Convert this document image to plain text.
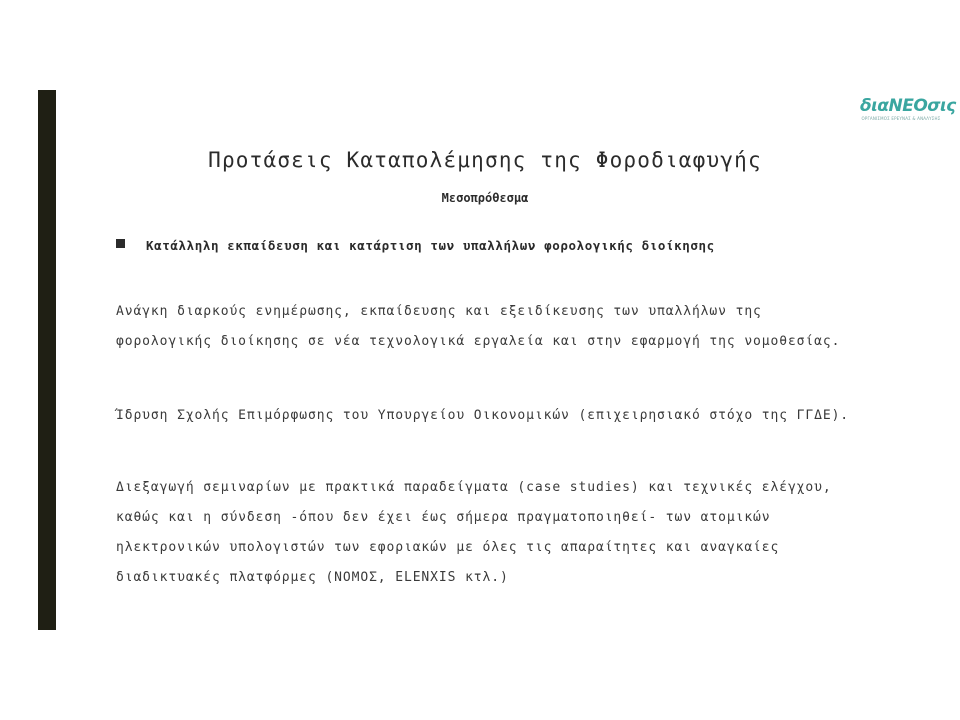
διαΝΕΟσις
ΟΡΓΑΝΙΣΜΟΣ ΕΡΕΥΝΑΣ & ΑΝΑΛΥΣΗΣ
Προτάσεις Καταπολέμησης της Φοροδιαφυγής
Μεσοπρόθεσμα
Κατάλληλη εκπαίδευση και κατάρτιση των υπαλλήλων φορολογικής διοίκησης
Ανάγκη διαρκούς ενημέρωσης, εκπαίδευσης και εξειδίκευσης των υπαλλήλων της φορολογικής διοίκησης σε νέα τεχνολογικά εργαλεία και στην εφαρμογή της νομοθεσίας.
Ίδρυση Σχολής Επιμόρφωσης του Υπουργείου Οικονομικών (επιχειρησιακό στόχο της ΓΓΔΕ).
Διεξαγωγή σεμιναρίων με πρακτικά παραδείγματα (case studies) και τεχνικές ελέγχου, καθώς και η σύνδεση -όπου δεν έχει έως σήμερα πραγματοποιηθεί- των ατομικών ηλεκτρονικών υπολογιστών των εφοριακών με όλες τις απαραίτητες και αναγκαίες διαδικτυακές πλατφόρμες (ΝΟΜΟΣ, ELENXIS κτλ.)
